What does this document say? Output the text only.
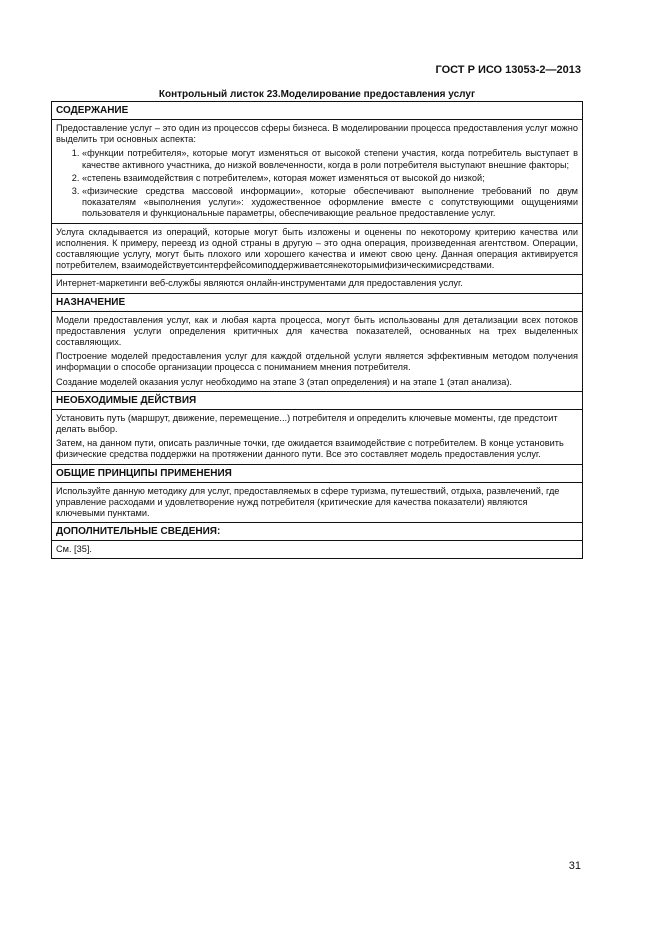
ГОСТ Р ИСО 13053-2—2013
Контрольный листок 23.Моделирование предоставления услуг
СОДЕРЖАНИЕ

Предоставление услуг – это один из процессов сферы бизнеса. В моделировании процесса предоставления услуг можно выделить три основных аспекта:

1. «функции потребителя», которые могут изменяться от высокой степени участия, когда потребитель выступает в качестве активного участника, до низкой вовлеченности, когда в роли потребителя выступают внешние факторы;
2. «степень взаимодействия с потребителем», которая может изменяться от высокой до низкой;
3. «физические средства массовой информации», которые обеспечивают выполнение требований по двум показателям «выполнения услуги»: художественное оформление вместе с сопутствующими ощущениями пользователя и функциональные параметры, обеспечивающие реальное предоставление услуг.

Услуга складывается из операций, которые могут быть изложены и оценены по некоторому критерию качества или исполнения. К примеру, переезд из одной страны в другую – это одна операция, произведенная агентством. Операции, составляющие услугу, могут быть плохого или хорошего качества и имеют свою цену. Данная операция активируется потребителем, взаимодействуетсинтерфейсомиподдерживаетсянекоторымифизическимисредствами.

Интернет-маркетинги веб-службы являются онлайн-инструментами для предоставления услуг.

НАЗНАЧЕНИЕ

Модели предоставления услуг, как и любая карта процесса, могут быть использованы для детализации всех потоков предоставления услуги определения критичных для качества показателей, основанных на трех выделенных составляющих.

Построение моделей предоставления услуг для каждой отдельной услуги является эффективным методом получения информации о способе организации процесса с пониманием мнения потребителя.

Создание моделей оказания услуг необходимо на этапе 3 (этап определения) и на этапе 1 (этап анализа).

НЕОБХОДИМЫЕ ДЕЙСТВИЯ

Установить путь (маршрут, движение, перемещение...) потребителя и определить ключевые моменты, где предстоит делать выбор.

Затем, на данном пути, описать различные точки, где ожидается взаимодействие с потребителем. В конце установить физические средства поддержки на протяжении данного пути. Все это составляет модель предоставления услуг.

ОБЩИЕ ПРИНЦИПЫ ПРИМЕНЕНИЯ

Используйте данную методику для услуг, предоставляемых в сфере туризма, путешествий, отдыха, развлечений, где управление расходами и удовлетворение нужд потребителя (критические для качества показатели) являются ключевыми пунктами.

ДОПОЛНИТЕЛЬНЫЕ СВЕДЕНИЯ:

См. [35].

31
